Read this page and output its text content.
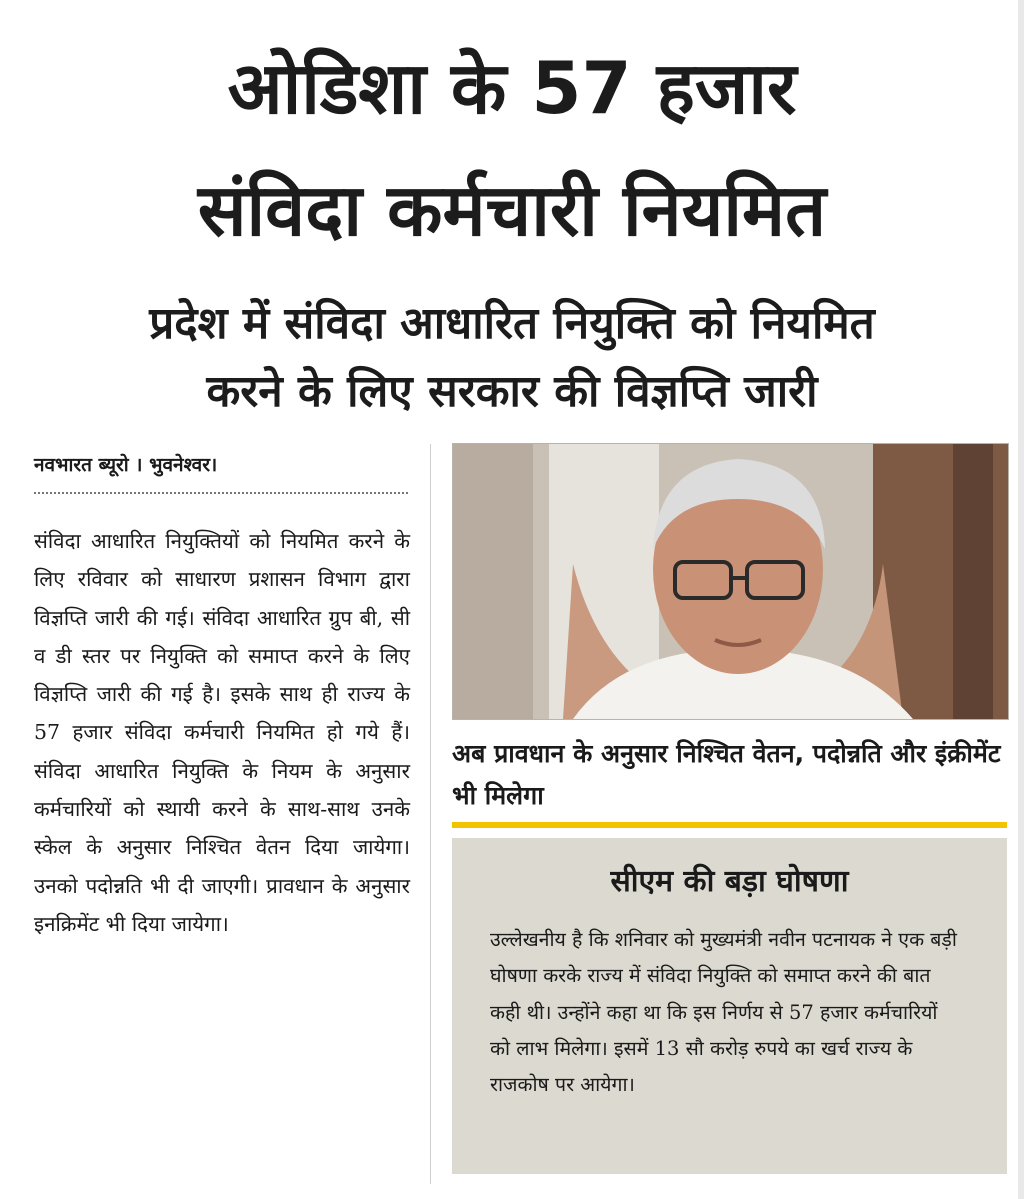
ओडिशा के 57 हजार
संविदा कर्मचारी नियमित
प्रदेश में संविदा आधारित नियुक्ति को नियमित
करने के लिए सरकार की विज्ञप्ति जारी
नवभारत ब्यूरो । भुवनेश्वर।

संविदा आधारित नियुक्तियों को नियमित करने के लिए रविवार को साधारण प्रशासन विभाग द्वारा विज्ञप्ति जारी की गई। संविदा आधारित ग्रुप बी, सी व डी स्तर पर नियुक्ति को समाप्त करने के लिए विज्ञप्ति जारी की गई है। इसके साथ ही राज्य के 57 हजार संविदा कर्मचारी नियमित हो गये हैं। संविदा आधारित नियुक्ति के नियम के अनुसार कर्मचारियों को स्थायी करने के साथ-साथ उनके स्केल के अनुसार निश्चित वेतन दिया जायेगा। उनको पदोन्नति भी दी जाएगी। प्रावधान के अनुसार इनक्रिमेंट भी दिया जायेगा।

अब प्रावधान के अनुसार निश्चित वेतन, पदोन्नति और इंक्रीमेंट भी मिलेगा

सीएम की बड़ा घोषणा

उल्लेखनीय है कि शनिवार को मुख्यमंत्री नवीन पटनायक ने एक बड़ी घोषणा करके राज्य में संविदा नियुक्ति को समाप्त करने की बात कही थी। उन्होंने कहा था कि इस निर्णय से 57 हजार कर्मचारियों को लाभ मिलेगा। इसमें 13 सौ करोड़ रुपये का खर्च राज्य के राजकोष पर आयेगा।
